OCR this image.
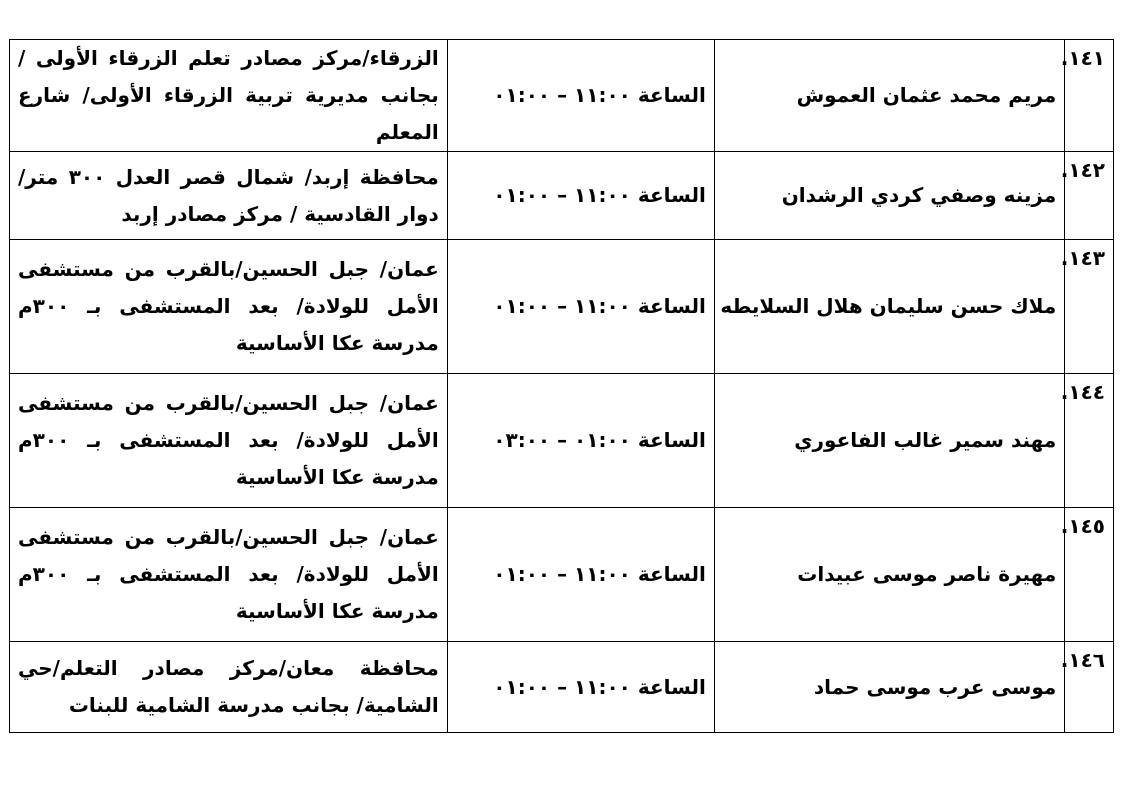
١٤١.	مريم محمد عثمان العموش	الساعة ١١:٠٠ – ٠١:٠٠	الزرقاء/مركز مصادر تعلم الزرقاء الأولى /بجانب مديرية تربية الزرقاء الأولى/ شارع المعلم
١٤٢.	مزينه وصفي كردي الرشدان	الساعة ١١:٠٠ – ٠١:٠٠	محافظة إربد/ شمال قصر العدل ٣٠٠ متر/ دوار القادسية / مركز مصادر إربد
١٤٣.	ملاك حسن سليمان هلال السلايطه	الساعة ١١:٠٠ – ٠١:٠٠	عمان/ جبل الحسين/بالقرب من مستشفى الأمل للولادة/ بعد المستشفى بـ ٣٠٠م مدرسة عكا الأساسية
١٤٤.	مهند سمير غالب الفاعوري	الساعة ٠١:٠٠ – ٠٣:٠٠	عمان/ جبل الحسين/بالقرب من مستشفى الأمل للولادة/ بعد المستشفى بـ ٣٠٠م مدرسة عكا الأساسية
١٤٥.	مهيرة ناصر موسى عبيدات	الساعة ١١:٠٠ – ٠١:٠٠	عمان/ جبل الحسين/بالقرب من مستشفى الأمل للولادة/ بعد المستشفى بـ ٣٠٠م مدرسة عكا الأساسية
١٤٦.	موسى عرب موسى حماد	الساعة ١١:٠٠ – ٠١:٠٠	محافظة معان/مركز مصادر التعلم/حي الشامية/ بجانب مدرسة الشامية للبنات
